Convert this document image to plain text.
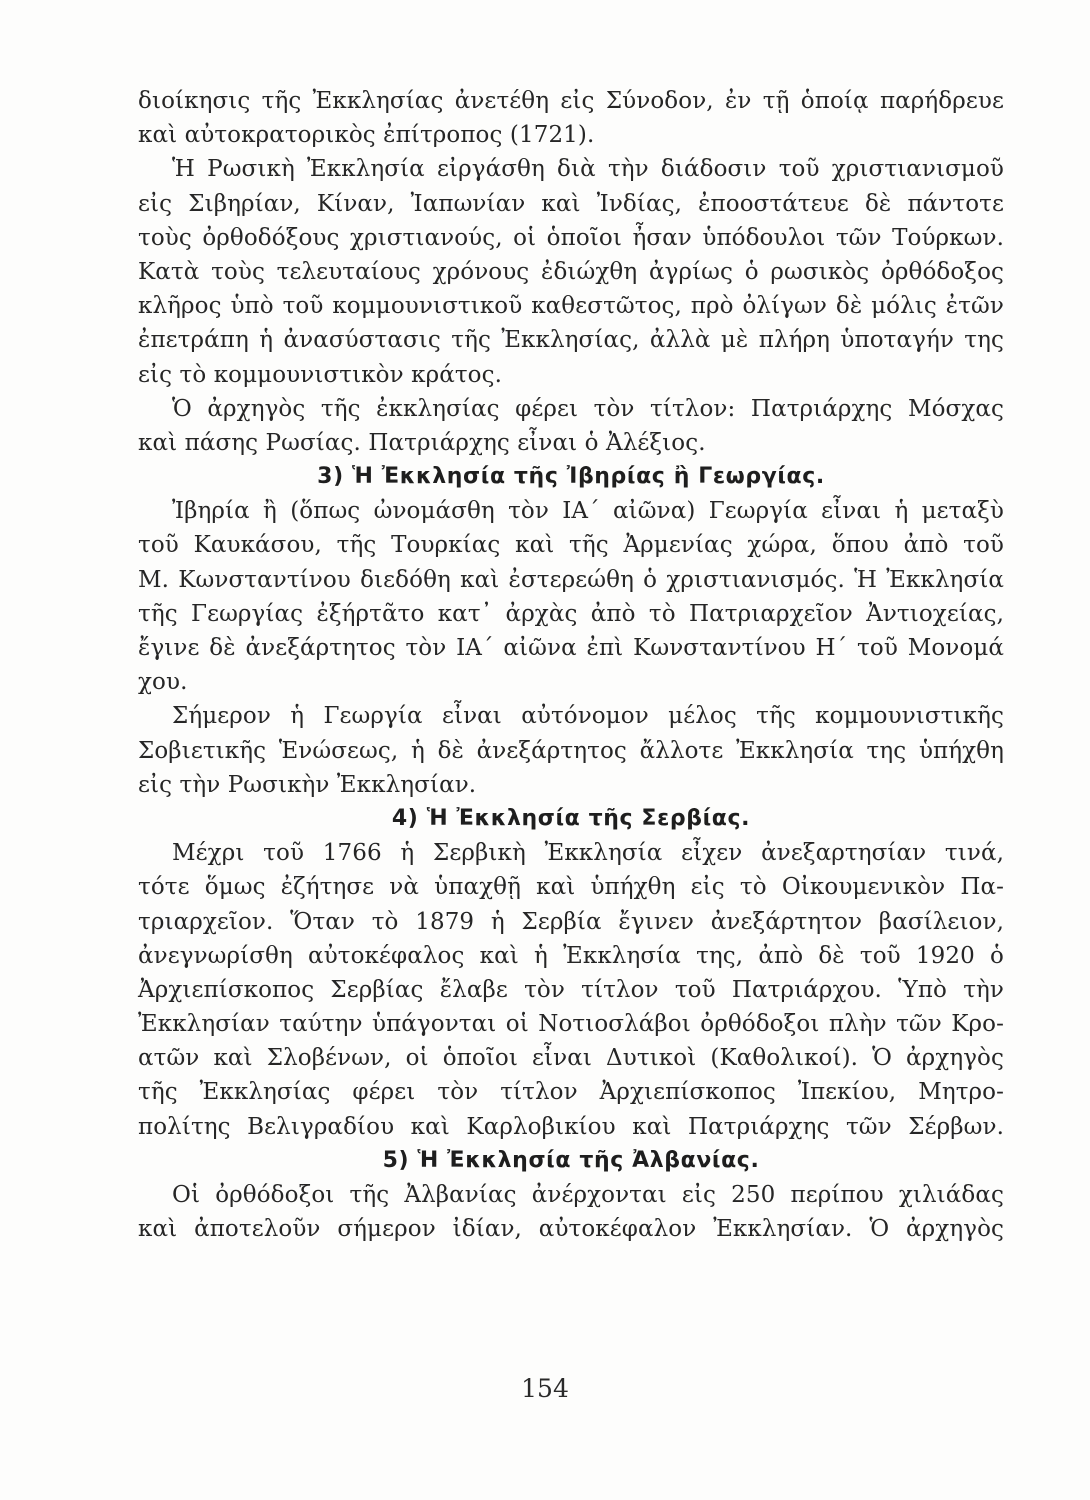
διοίκησις τῆς Ἐκκλησίας ἀνετέθη εἰς Σύνοδον, ἐν τῇ ὁποίᾳ παρήδρευε
καὶ αὐτοκρατορικὸς ἐπίτροπος (1721).
Ἡ Ρωσικὴ Ἐκκλησία εἰργάσθη διὰ τὴν διάδοσιν τοῦ χριστιανισμοῦ
εἰς Σιβηρίαν, Κίναν, Ἰαπωνίαν καὶ Ἰνδίας, ἐποοστάτευε δὲ πάντοτε
τοὺς ὀρθοδόξους χριστιανούς, οἱ ὁποῖοι ἦσαν ὑπόδουλοι τῶν Τούρκων.
Κατὰ τοὺς τελευταίους χρόνους ἐδιώχθη ἀγρίως ὁ ρωσικὸς ὀρθόδοξος
κλῆρος ὑπὸ τοῦ κομμουνιστικοῦ καθεστῶτος, πρὸ ὀλίγων δὲ μόλις ἐτῶν
ἐπετράπη ἡ ἀνασύστασις τῆς Ἐκκλησίας, ἀλλὰ μὲ πλήρη ὑποταγήν της
εἰς τὸ κομμουνιστικὸν κράτος.
Ὁ ἀρχηγὸς τῆς ἐκκλησίας φέρει τὸν τίτλον: Πατριάρχης Μόσχας
καὶ πάσης Ρωσίας. Πατριάρχης εἶναι ὁ Ἀλέξιος.
3) Ἡ Ἐκκλησία τῆς Ἰβηρίας ἢ Γεωργίας.
Ἰβηρία ἢ (ὅπως ὠνομάσθη τὸν ΙΑ΄ αἰῶνα) Γεωργία εἶναι ἡ μεταξὺ
τοῦ Καυκάσου, τῆς Τουρκίας καὶ τῆς Ἀρμενίας χώρα, ὅπου ἀπὸ τοῦ
Μ. Κωνσταντίνου διεδόθη καὶ ἐστερεώθη ὁ χριστιανισμός. Ἡ Ἐκκλησία
τῆς Γεωργίας ἐξήρτᾶτο κατ᾽ ἀρχὰς ἀπὸ τὸ Πατριαρχεῖον Ἀντιοχείας,
ἔγινε δὲ ἀνεξάρτητος τὸν ΙΑ΄ αἰῶνα ἐπὶ Κωνσταντίνου Η΄ τοῦ Μονομά
χου.
Σήμερον ἡ Γεωργία εἶναι αὐτόνομον μέλος τῆς κομμουνιστικῆς
Σοβιετικῆς Ἑνώσεως, ἡ δὲ ἀνεξάρτητος ἄλλοτε Ἐκκλησία της ὑπήχθη
εἰς τὴν Ρωσικὴν Ἐκκλησίαν.
4) Ἡ Ἐκκλησία τῆς Σερβίας.
Μέχρι τοῦ 1766 ἡ Σερβικὴ Ἐκκλησία εἶχεν ἀνεξαρτησίαν τινά,
τότε ὅμως ἐζήτησε νὰ ὑπαχθῇ καὶ ὑπήχθη εἰς τὸ Οἰκουμενικὸν Πα-
τριαρχεῖον. Ὅταν τὸ 1879 ἡ Σερβία ἔγινεν ἀνεξάρτητον βασίλειον,
ἀνεγνωρίσθη αὐτοκέφαλος καὶ ἡ Ἐκκλησία της, ἀπὸ δὲ τοῦ 1920 ὁ
Ἀρχιεπίσκοπος Σερβίας ἔλαβε τὸν τίτλον τοῦ Πατριάρχου. Ὑπὸ τὴν
Ἐκκλησίαν ταύτην ὑπάγονται οἱ Νοτιοσλάβοι ὀρθόδοξοι πλὴν τῶν Κρο-
ατῶν καὶ Σλοβένων, οἱ ὁποῖοι εἶναι Δυτικοὶ (Καθολικοί). Ὁ ἀρχηγὸς
τῆς Ἐκκλησίας φέρει τὸν τίτλον Ἀρχιεπίσκοπος Ἰπεκίου, Μητρο-
πολίτης Βελιγραδίου καὶ Καρλοβικίου καὶ Πατριάρχης τῶν Σέρβων.
5) Ἡ Ἐκκλησία τῆς Ἀλβανίας.
Οἱ ὀρθόδοξοι τῆς Ἀλβανίας ἀνέρχονται εἰς 250 περίπου χιλιάδας
καὶ ἀποτελοῦν σήμερον ἰδίαν, αὐτοκέφαλον Ἐκκλησίαν. Ὁ ἀρχηγὸς
154
